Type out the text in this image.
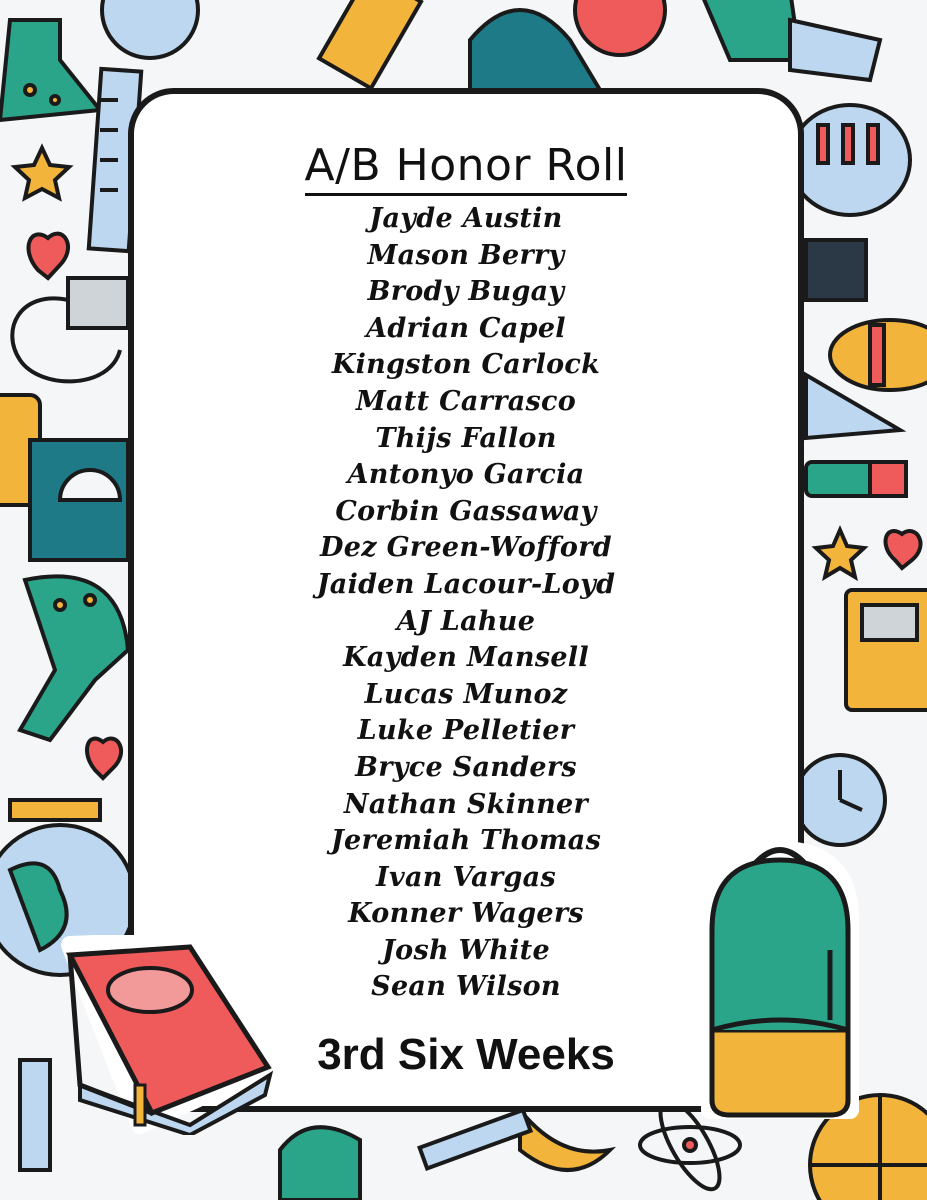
A/B Honor Roll
Jayde Austin
Mason Berry
Brody Bugay
Adrian Capel
Kingston Carlock
Matt Carrasco
Thijs Fallon
Antonyo Garcia
Corbin Gassaway
Dez Green-Wofford
Jaiden Lacour-Loyd
AJ Lahue
Kayden Mansell
Lucas Munoz
Luke Pelletier
Bryce Sanders
Nathan Skinner
Jeremiah Thomas
Ivan Vargas
Konner Wagers
Josh White
Sean Wilson
3rd Six Weeks
